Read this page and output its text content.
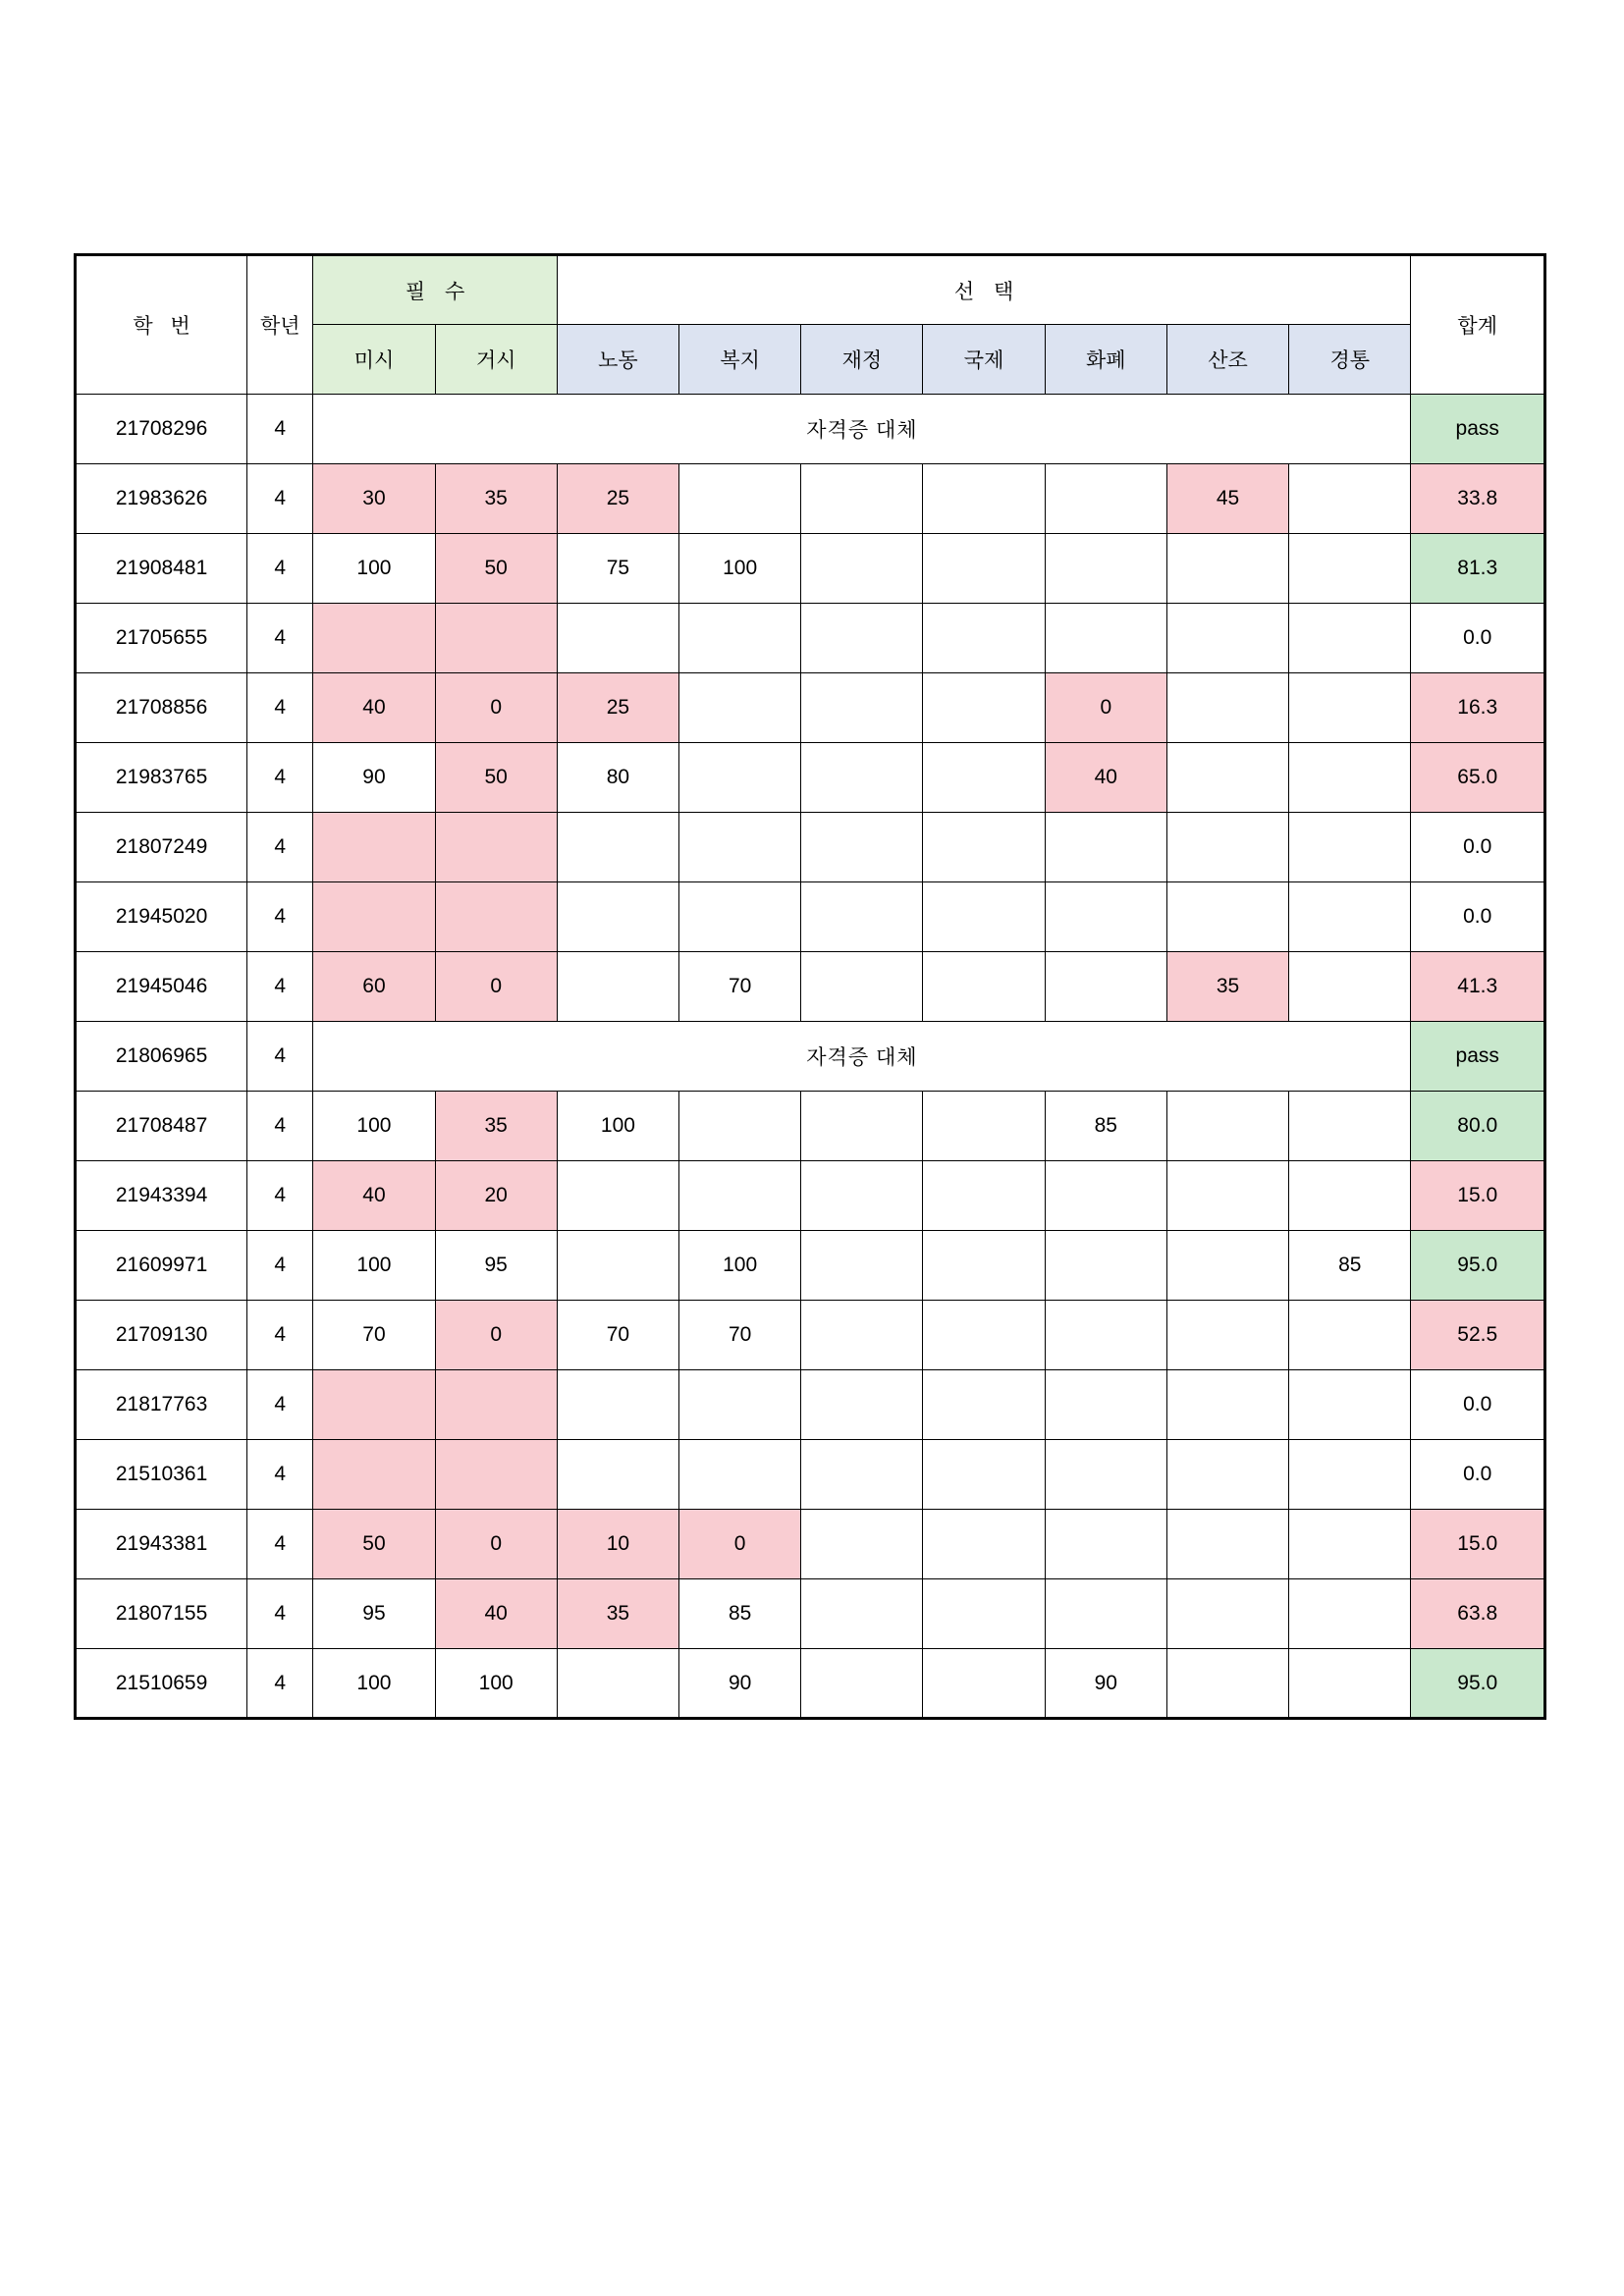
학 번	학년	필 수		선 택							합계
		미시	거시	노동	복지	재정	국제	화폐	산조	경통	
21708296	4	자격증 대체									pass
21983626	4	30	35	25					45		33.8
21908481	4	100	50	75	100						81.3
21705655	4										0.0
21708856	4	40	0	25				0			16.3
21983765	4	90	50	80				40			65.0
21807249	4										0.0
21945020	4										0.0
21945046	4	60	0		70				35		41.3
21806965	4	자격증 대체									pass
21708487	4	100	35	100				85			80.0
21943394	4	40	20								15.0
21609971	4	100	95		100					85	95.0
21709130	4	70	0	70	70						52.5
21817763	4										0.0
21510361	4										0.0
21943381	4	50	0	10	0						15.0
21807155	4	95	40	35	85						63.8
21510659	4	100	100		90			90			95.0
